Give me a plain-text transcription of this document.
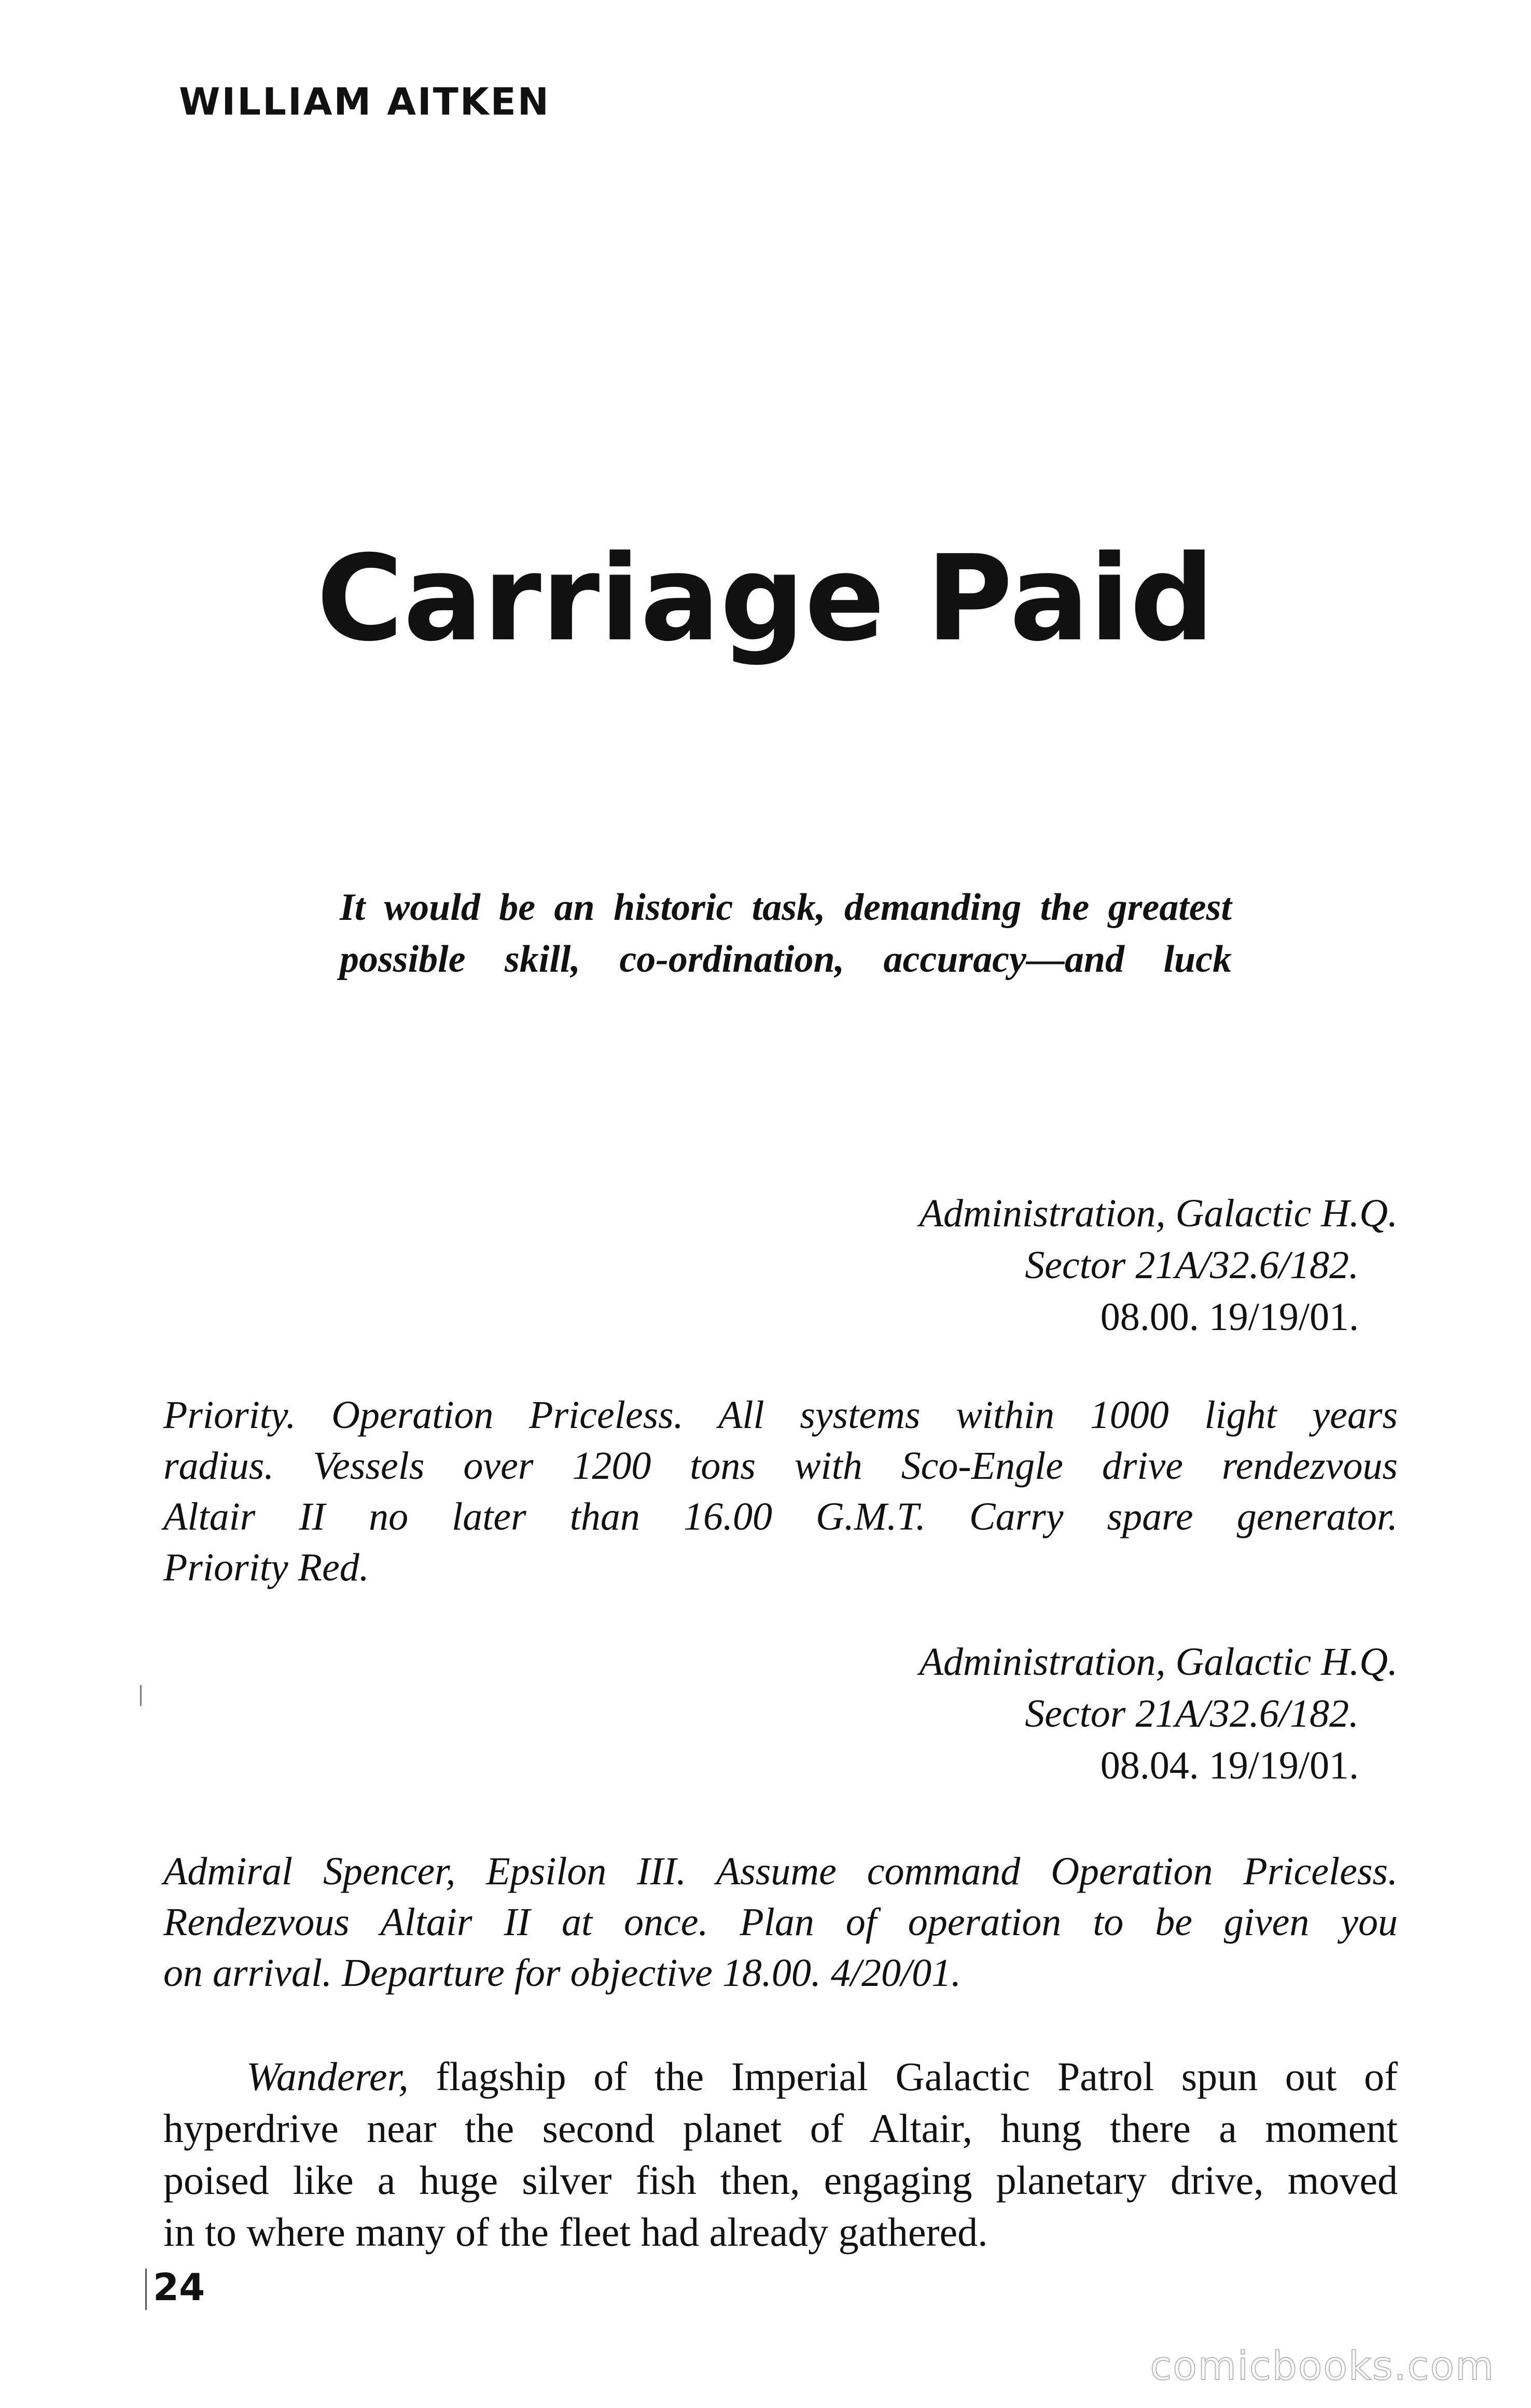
WILLIAM AITKEN
Carriage Paid
It would be an historic task, demanding the greatest
possible skill, co-ordination, accuracy—and luck
Administration, Galactic H.Q.
Sector 21A/32.6/182.
08.00. 19/19/01.
Priority. Operation Priceless. All systems within 1000 light years
radius. Vessels over 1200 tons with Sco-Engle drive rendezvous
Altair II no later than 16.00 G.M.T. Carry spare generator.
Priority Red.
Administration, Galactic H.Q.
Sector 21A/32.6/182.
08.04. 19/19/01.
Admiral Spencer, Epsilon III. Assume command Operation Priceless.
Rendezvous Altair II at once. Plan of operation to be given you
on arrival. Departure for objective 18.00. 4/20/01.
Wanderer, flagship of the Imperial Galactic Patrol spun out of
hyperdrive near the second planet of Altair, hung there a moment
poised like a huge silver fish then, engaging planetary drive, moved
in to where many of the fleet had already gathered.
24
comicbooks.com
